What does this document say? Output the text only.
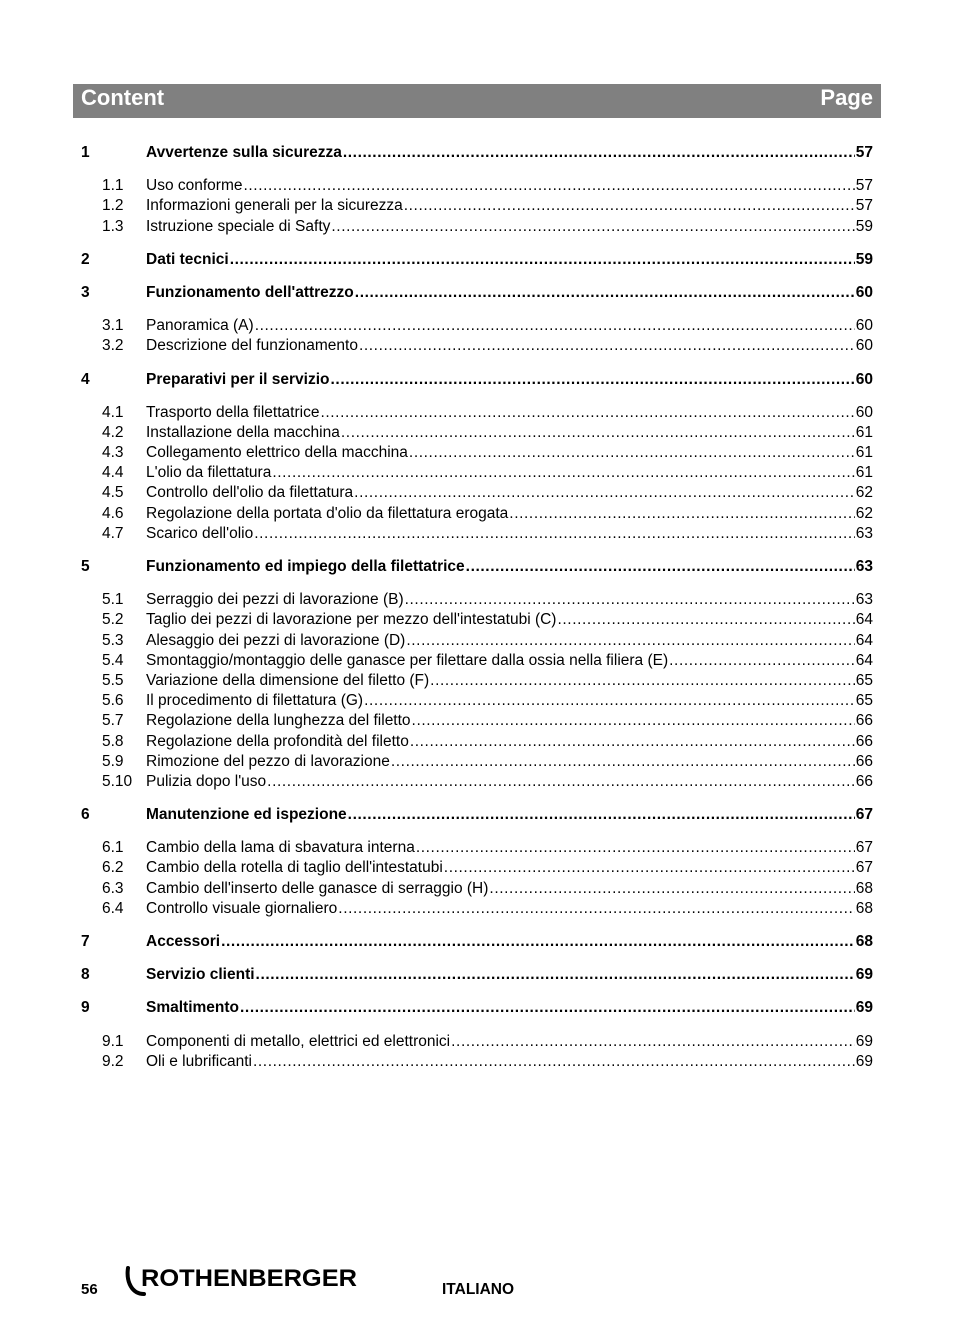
Content	Page
1	Avvertenze sulla sicurezza .....	57
1.1	Uso conforme .....	57
1.2	Informazioni generali per la sicurezza .....	57
1.3	Istruzione speciale di Safty .....	59
2	Dati tecnici .....	59
3	Funzionamento dell'attrezzo .....	60
3.1	Panoramica (A) .....	60
3.2	Descrizione del funzionamento .....	60
4	Preparativi per il servizio .....	60
4.1	Trasporto della filettatrice .....	60
4.2	Installazione della macchina .....	61
4.3	Collegamento elettrico della macchina .....	61
4.4	L'olio da filettatura .....	61
4.5	Controllo dell'olio da filettatura .....	62
4.6	Regolazione della portata d'olio da filettatura erogata .....	62
4.7	Scarico dell'olio .....	63
5	Funzionamento ed impiego della filettatrice .....	63
5.1	Serraggio dei pezzi di lavorazione (B) .....	63
5.2	Taglio dei pezzi di lavorazione per mezzo dell'intestatubi (C) .....	64
5.3	Alesaggio dei pezzi di lavorazione (D) .....	64
5.4	Smontaggio/montaggio delle ganasce per filettare dalla ossia nella filiera (E) .....	64
5.5	Variazione della dimensione del filetto (F) .....	65
5.6	Il procedimento di filettatura (G) .....	65
5.7	Regolazione della lunghezza del filetto .....	66
5.8	Regolazione della profondità del filetto .....	66
5.9	Rimozione del pezzo di lavorazione .....	66
5.10 Pulizia dopo l'uso .....	66
6	Manutenzione ed ispezione .....	67
6.1	Cambio della lama di sbavatura interna .....	67
6.2	Cambio della rotella di taglio dell'intestatubi .....	67
6.3	Cambio dell'inserto delle ganasce di serraggio (H) .....	68
6.4	Controllo visuale giornaliero .....	68
7	Accessori .....	68
8	Servizio clienti .....	69
9	Smaltimento .....	69
9.1	Componenti di metallo, elettrici ed elettronici .....	69
9.2	Oli e lubrificanti .....	69
56 ROTHENBERGER	ITALIANO
